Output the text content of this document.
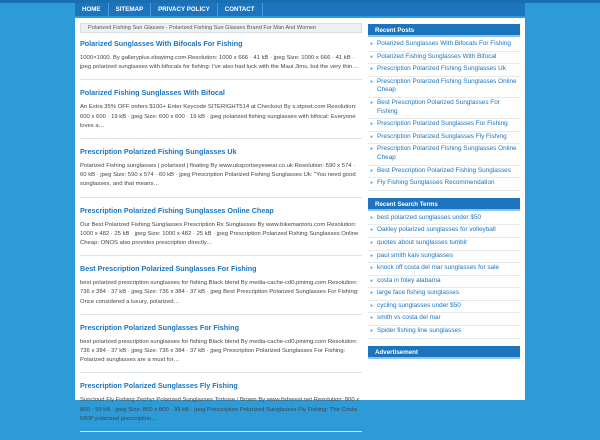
HOME	SITEMAP	PRIVACY POLICY	CONTACT
Polarized Fishing Sun Glasses - Polarized Fishing Sun Glasses Brand For Man And Women
Polarized Sunglasses With Bifocals For Fishing
1000×1000. By galleryplus.ebayimg.com Resolution: 1000 x 666 · 41 kB · jpeg Size: 1000 x 666 · 41 kB · jpeg polarized sunglasses with bifocals for fishing: I've also had luck with the Maui Jims, but the very thin…
Polarized Fishing Sunglasses With Bifocal
An Extra 35% OFF orders $100+ Enter Keycode SITERIGHT514 at Checkout By s.stpost.com Resolution: 600 x 600 · 19 kB · jpeg Size: 600 x 600 · 19 kB · jpeg polarized fishing sunglasses with bifocal: Everyone loves a…
Prescription Polarized Fishing Sunglasses Uk
Polarized Fishing sunglasses | polarised | floating By www.uksportseyewear.co.uk Resolution: 590 x 574 · 60 kB · jpeg Size: 590 x 574 · 60 kB · jpeg Prescription Polarized Fishing Sunglasses Uk: "You need good sunglasses, and that means…
Prescription Polarized Fishing Sunglasses Online Cheap
Our Best Polarized Fishing Sunglasses Prescription Rx Sunglasses By www.bikemantoru.com Resolution: 1000 x 482 · 25 kB · jpeg Size: 1000 x 482 · 25 kB · jpeg Prescription Polarized Fishing Sunglasses Online Cheap: ONOS also provides prescription directly…
Best Prescription Polarized Sunglasses For Fishing
best polarized prescription sunglasses for fishing Black blend By media-cache-cd0.pinimg.com Resolution: 736 x 384 · 37 kB · jpeg Size: 736 x 384 · 37 kB · jpeg Best Prescription Polarized Sunglasses For Fishing: Once considered a luxury, polarized…
Prescription Polarized Sunglasses For Fishing
best polarized prescription sunglasses for fishing Black blend By media-cache-cd0.pinimg.com Resolution: 736 x 384 · 37 kB · jpeg Size: 736 x 384 · 37 kB · jpeg Prescription Polarized Sunglasses For Fishing: Polarized sunglasses are a must for…
Prescription Polarized Sunglasses Fly Fishing
Suncloud Fly Fishing Zephyr Polarized Sunglasses Tortoise / Brown By www.fishwest.net Resolution: 800 x 800 · 99 kB · jpeg Size: 800 x 800 · 99 kB · jpeg Prescription Polarized Sunglasses Fly Fishing: The Costa 580P polarized prescription…
Recent Posts
● Polarized Sunglasses With Bifocals For Fishing
● Polarized Fishing Sunglasses With Bifocal
● Prescription Polarized Fishing Sunglasses Uk
● Prescription Polarized Fishing Sunglasses Online Cheap
● Best Prescription Polarized Sunglasses For Fishing
● Prescription Polarized Sunglasses For Fishing
● Prescription Polarized Sunglasses Fly Fishing
● Prescription Polarized Fishing Sunglasses Online Cheap
● Best Prescription Polarized Fishing Sunglasses
● Fly Fishing Sunglasses Recommendation
Recent Search Terms
● best polarized sunglasses under $50
● Oakley polarized sunglasses for volleyball
● quotes about sunglasses tumblr
● paul smith kaiv sunglasses
● knock off costa del mar sunglasses for sale
● costa in foley alabama
● large face fishing sunglasses
● cycling sunglasses under $50
● smith vs costa del mar
● Spider fishing line sunglasses
Advertisement
